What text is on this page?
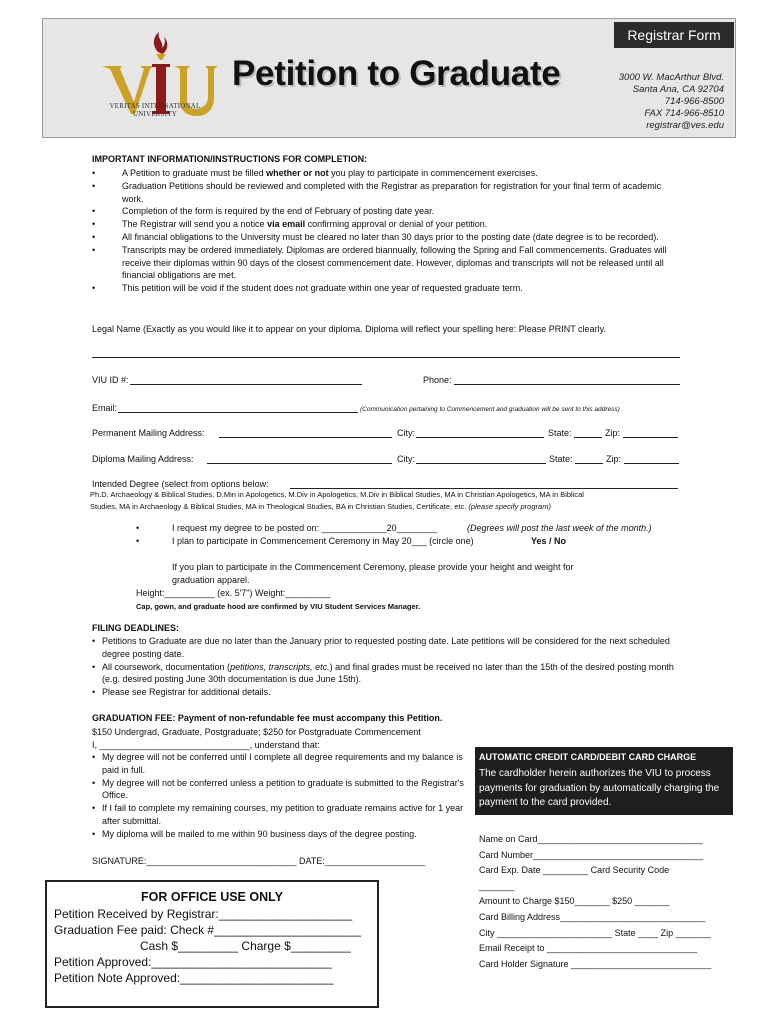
Registrar Form
VERITAS INTERNATIONAL UNIVERSITY
Petition to Graduate	3000 W. MacArthur Blvd.
Santa Ana, CA 92704
714-966-8500
FAX 714-966-8510
registrar@ves.edu
IMPORTANT INFORMATION/INSTRUCTIONS FOR COMPLETION:
• A Petition to graduate must be filled whether or not you play to participate in commencement exercises.
• Graduation Petitions should be reviewed and completed with the Registrar as preparation for registration for your final term of academic work.
• Completion of the form is required by the end of February of posting date year.
• The Registrar will send you a notice via email confirming approval or denial of your petition.
• All financial obligations to the University must be cleared no later than 30 days prior to the posting date (date degree is to be recorded).
• Transcripts may be ordered immediately. Diplomas are ordered biannually, following the Spring and Fall commencements. Graduates will receive their diplomas within 90 days of the closest commencement date. However, diplomas and transcripts will not be released until all financial obligations are met.
• This petition will be void if the student does not graduate within one year of requested graduate term.
Legal Name (Exactly as you would like it to appear on your diploma. Diploma will reflect your spelling here: Please PRINT clearly.
VIU ID #:	Phone:
Email:	(Communication pertaining to Commencement and graduation will be sent to this address)
Permanent Mailing Address:	City:	State:	Zip:
Diploma Mailing Address:	City:	State:	Zip:
Intended Degree (select from options below:
Ph.D. Archaeology & Biblical Studies, D.Min in Apologetics, M.Div in Apologetics, M.Div in Biblical Studies, MA in Christian Apologetics, MA in Biblical
Studies, MA in Archaeology & Biblical Studies, MA in Theological Studies, BA in Christian Studies, Certificate, etc. (please specify program)
•	I request my degree to be posted on: _____________20________	(Degrees will post the last week of the month.)
•	I plan to participate in Commencement Ceremony in May 20___ (circle one)	Yes / No
If you plan to participate in the Commencement Ceremony, please provide your height and weight for
graduation apparel.
Height:__________ (ex. 5'7") Weight:_________
Cap, gown, and graduate hood are confirmed by VIU Student Services Manager.
FILING DEADLINES:
• Petitions to Graduate are due no later than the January prior to requested posting date. Late petitions will be considered for the next scheduled degree posting date.
• All coursework, documentation (petitions, transcripts, etc.) and final grades must be received no later than the 15th of the desired posting month (e.g. desired posting June 30th documentation is due June 15th).
• Please see Registrar for additional details.
GRADUATION FEE: Payment of non-refundable fee must accompany this Petition.
$150 Undergrad, Graduate, Postgraduate; $250 for Postgraduate Commencement
I, ______________________________, understand that:
• My degree will not be conferred until I complete all degree requirements and my balance is paid in full.
• My degree will not be conferred unless a petition to graduate is submitted to the Registrar's Office.
• If I fail to complete my remaining courses, my petition to graduate remains active for 1 year after submittal.
• My diploma will be mailed to me within 90 business days of the degree posting.
SIGNATURE:______________________________ DATE:____________________
AUTOMATIC CREDIT CARD/DEBIT CARD CHARGE
The cardholder herein authorizes the VIU to process payments for graduation by automatically charging the payment to the card provided.
Name on Card_________________________________
Card Number__________________________________
Card Exp. Date _________ Card Security Code
_______
Amount to Charge $150_______ $250 _______
Card Billing Address_____________________________
City _______________________ State ____ Zip _______
Email Receipt to ______________________________
Card Holder Signature ____________________________
FOR OFFICE USE ONLY
Petition Received by Registrar:____________________
Graduation Fee paid: Check #______________________
Cash $_________ Charge $_________
Petition Approved:___________________________
Petition Note Approved:_______________________
